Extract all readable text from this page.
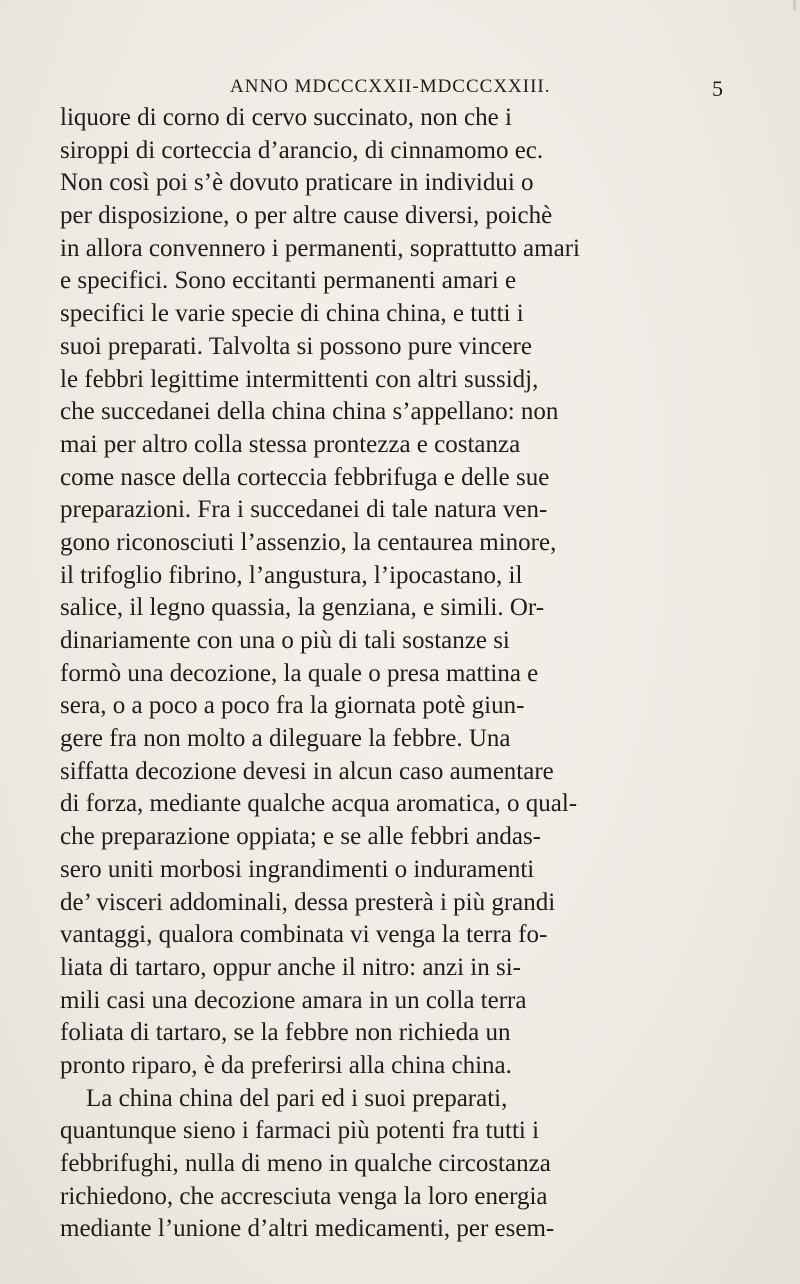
ANNO MDCCCXXII-MDCCCXXIII.	5
liquore di corno di cervo succinato, non che i
siroppi di corteccia d’arancio, di cinnamomo ec.
Non così poi s’è dovuto praticare in individui o
per disposizione, o per altre cause diversi, poichè
in allora convennero i permanenti, soprattutto amari
e specifici. Sono eccitanti permanenti amari e
specifici le varie specie di china china, e tutti i
suoi preparati. Talvolta si possono pure vincere
le febbri legittime intermittenti con altri sussidj,
che succedanei della china china s’appellano: non
mai per altro colla stessa prontezza e costanza
come nasce della corteccia febbrifuga e delle sue
preparazioni. Fra i succedanei di tale natura ven-
gono riconosciuti l’assenzio, la centaurea minore,
il trifoglio fibrino, l’angustura, l’ipocastano, il
salice, il legno quassia, la genziana, e simili. Or-
dinariamente con una o più di tali sostanze si
formò una decozione, la quale o presa mattina e
sera, o a poco a poco fra la giornata potè giun-
gere fra non molto a dileguare la febbre. Una
siffatta decozione devesi in alcun caso aumentare
di forza, mediante qualche acqua aromatica, o qual-
che preparazione oppiata; e se alle febbri andas-
sero uniti morbosi ingrandimenti o induramenti
de’ visceri addominali, dessa presterà i più grandi
vantaggi, qualora combinata vi venga la terra fo-
liata di tartaro, oppur anche il nitro: anzi in si-
mili casi una decozione amara in un colla terra
foliata di tartaro, se la febbre non richieda un
pronto riparo, è da preferirsi alla china china.
La china china del pari ed i suoi preparati,
quantunque sieno i farmaci più potenti fra tutti i
febbrifughi, nulla di meno in qualche circostanza
richiedono, che accresciuta venga la loro energia
mediante l’unione d’altri medicamenti, per esem-
